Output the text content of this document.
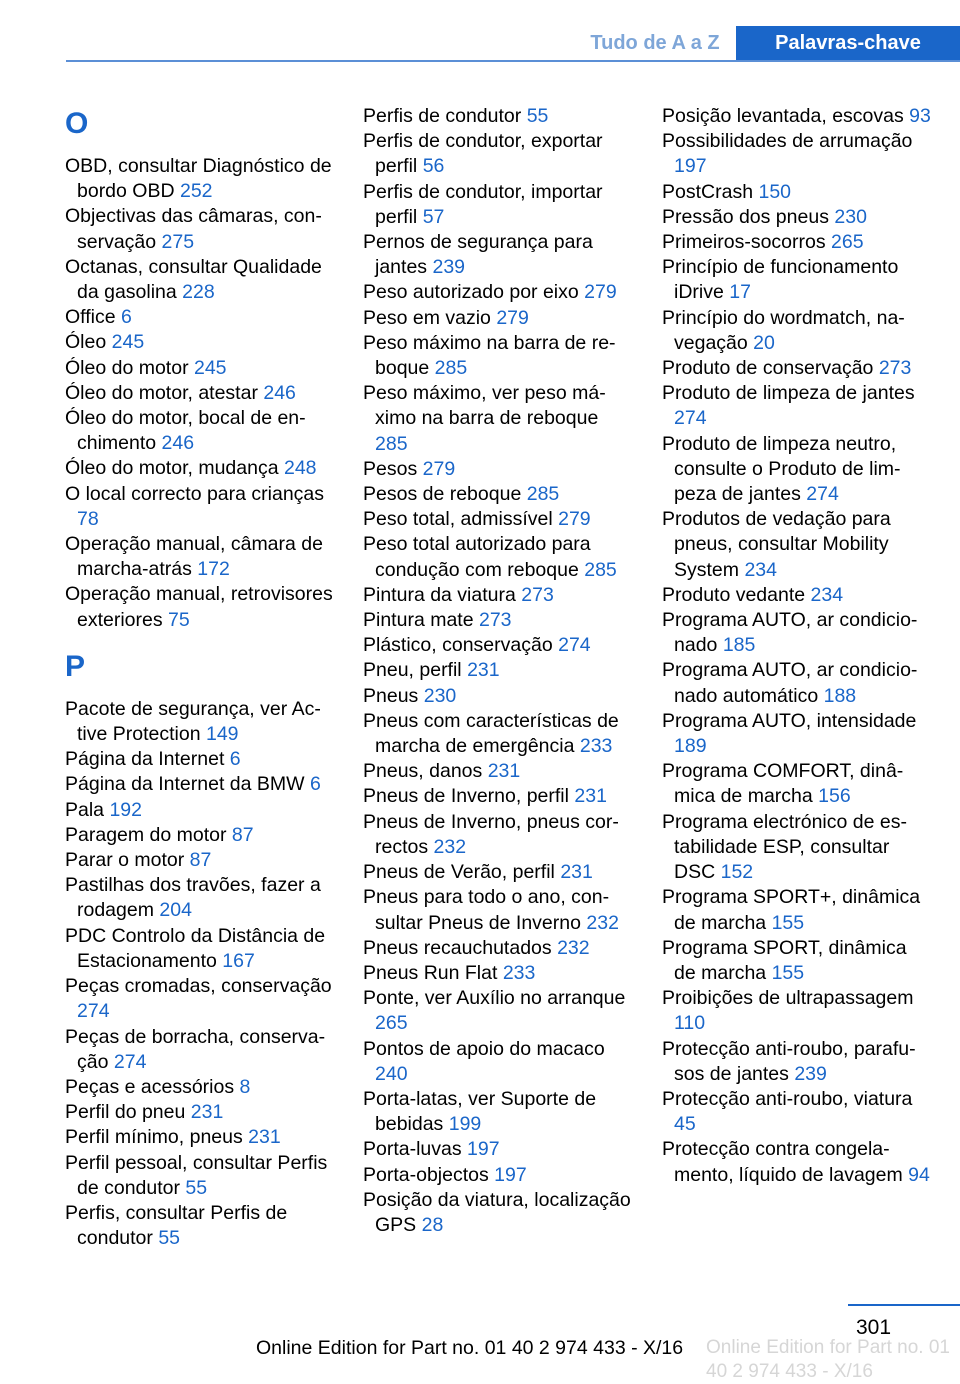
Tudo de A a Z	Palavras-chave
O
OBD, consultar Diagnóstico de bordo OBD 252
Objectivas das câmaras, conservação 275
Octanas, consultar Qualidade da gasolina 228
Office 6
Óleo 245
Óleo do motor 245
Óleo do motor, atestar 246
Óleo do motor, bocal de enchimento 246
Óleo do motor, mudança 248
O local correcto para crianças 78
Operação manual, câmara de marcha-atrás 172
Operação manual, retrovisores exteriores 75
P
Pacote de segurança, ver Active Protection 149
Página da Internet 6
Página da Internet da BMW 6
Pala 192
Paragem do motor 87
Parar o motor 87
Pastilhas dos travões, fazer a rodagem 204
PDC Controlo da Distância de Estacionamento 167
Peças cromadas, conservação 274
Peças de borracha, conservação 274
Peças e acessórios 8
Perfil do pneu 231
Perfil mínimo, pneus 231
Perfil pessoal, consultar Perfis de condutor 55
Perfis, consultar Perfis de condutor 55
Perfis de condutor 55
Perfis de condutor, exportar perfil 56
Perfis de condutor, importar perfil 57
Pernos de segurança para jantes 239
Peso autorizado por eixo 279
Peso em vazio 279
Peso máximo na barra de reboque 285
Peso máximo, ver peso máximo na barra de reboque 285
Pesos 279
Pesos de reboque 285
Peso total, admissível 279
Peso total autorizado para condução com reboque 285
Pintura da viatura 273
Pintura mate 273
Plástico, conservação 274
Pneu, perfil 231
Pneus 230
Pneus com características de marcha de emergência 233
Pneus, danos 231
Pneus de Inverno, perfil 231
Pneus de Inverno, pneus correctos 232
Pneus de Verão, perfil 231
Pneus para todo o ano, consultar Pneus de Inverno 232
Pneus recauchutados 232
Pneus Run Flat 233
Ponte, ver Auxílio no arranque 265
Pontos de apoio do macaco 240
Porta-latas, ver Suporte de bebidas 199
Porta-luvas 197
Porta-objectos 197
Posição da viatura, localização GPS 28
Posição levantada, escovas 93
Possibilidades de arrumação 197
PostCrash 150
Pressão dos pneus 230
Primeiros-socorros 265
Princípio de funcionamento iDrive 17
Princípio do wordmatch, navegação 20
Produto de conservação 273
Produto de limpeza de jantes 274
Produto de limpeza neutro, consulte o Produto de limpeza de jantes 274
Produtos de vedação para pneus, consultar Mobility System 234
Produto vedante 234
Programa AUTO, ar condicionado 185
Programa AUTO, ar condicionado automático 188
Programa AUTO, intensidade 189
Programa COMFORT, dinâmica de marcha 156
Programa electrónico de estabilidade ESP, consultar DSC 152
Programa SPORT+, dinâmica de marcha 155
Programa SPORT, dinâmica de marcha 155
Proibições de ultrapassagem 110
Protecção anti-roubo, parafusos de jantes 239
Protecção anti-roubo, viatura 45
Protecção contra congelamento, líquido de lavagem 94
301
Online Edition for Part no. 01 40 2 974 433 - X/16	Online Edition for Part no. 01 40 2 974 433 - X/16
